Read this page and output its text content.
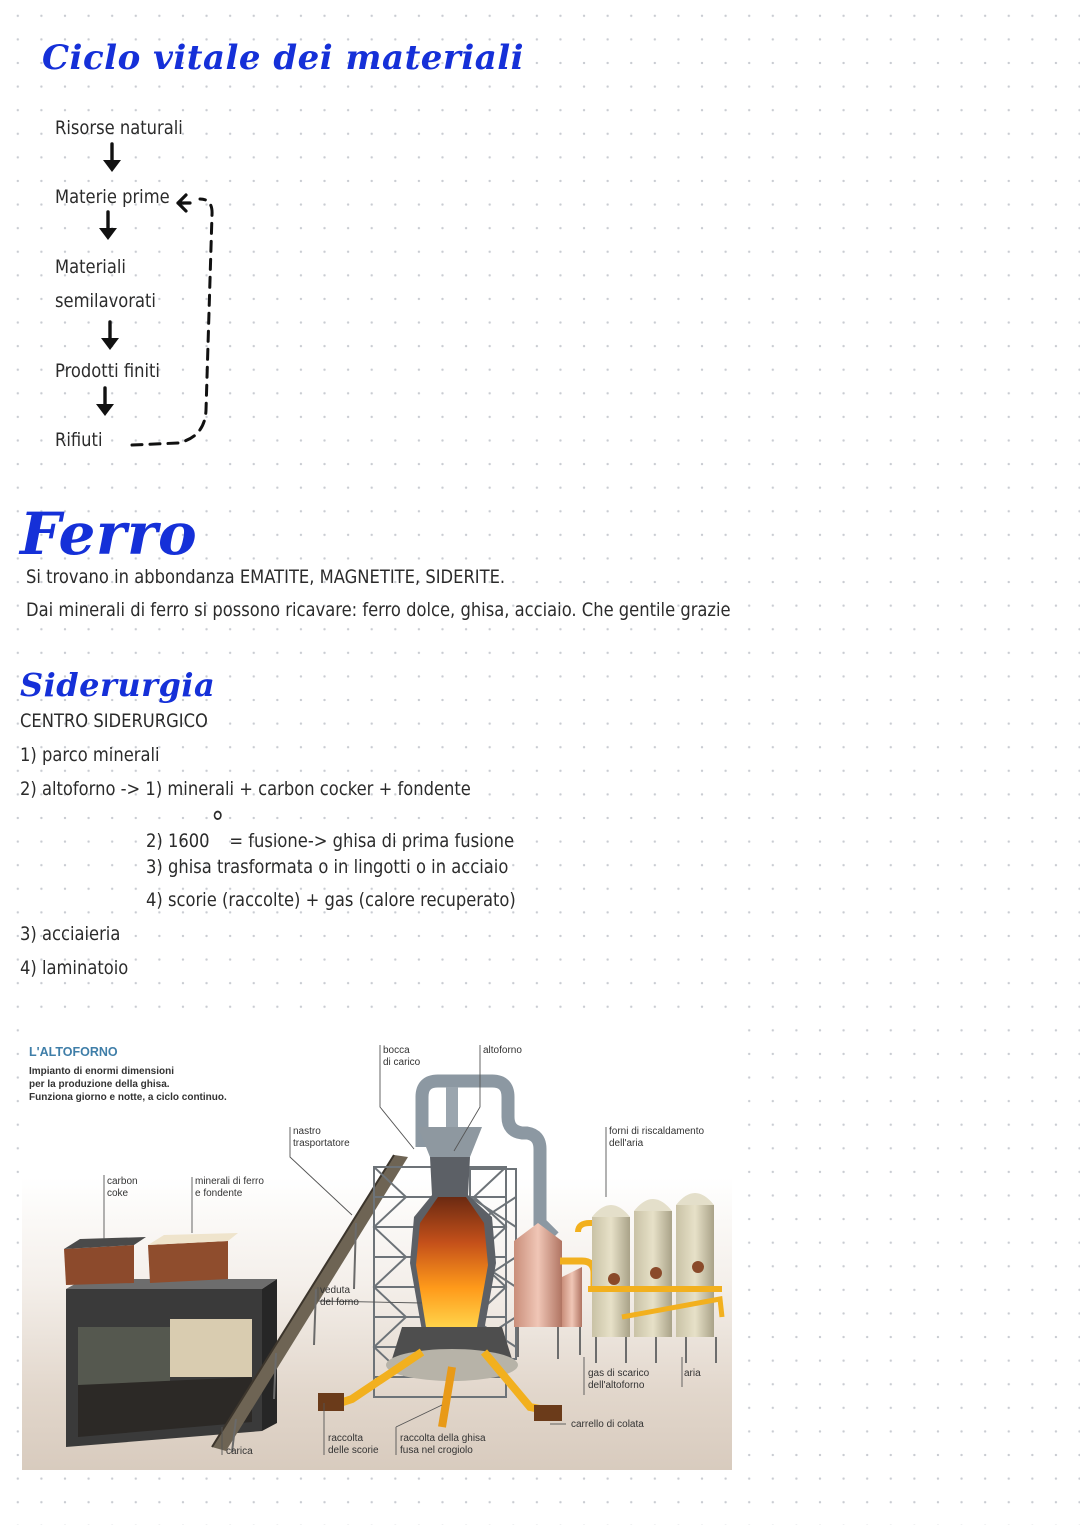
Ciclo vitale dei materiali
Risorse naturali
Materie prime
Materiali
semilavorati
Prodotti finiti
Rifiuti
Ferro
Si trovano in abbondanza EMATITE, MAGNETITE, SIDERITE.
Dai minerali di ferro si possono ricavare: ferro dolce, ghisa, acciaio. Che gentile grazie
Siderurgia
CENTRO SIDERURGICO
1) parco minerali
2) altoforno -> 1) minerali + carbon cocker + fondente
2) 1600° = fusione-> ghisa di prima fusione
3) ghisa trasformata o in lingotti o in acciaio
4) scorie (raccolte) + gas (calore recuperato)
3) acciaieria
4) laminatoio
L'ALTOFORNO
Impianto di enormi dimensioni
per la produzione della ghisa.
Funziona giorno e notte, a ciclo continuo.
bocca
di carico
altoforno
nastro
trasportatore
forni di riscaldamento
dell'aria
carbon
coke
minerali di ferro
e fondente
veduta
del forno
gas di scarico
dell'altoforno
aria
carrello di colata
carica
raccolta
delle scorie
raccolta della ghisa
fusa nel crogiolo
